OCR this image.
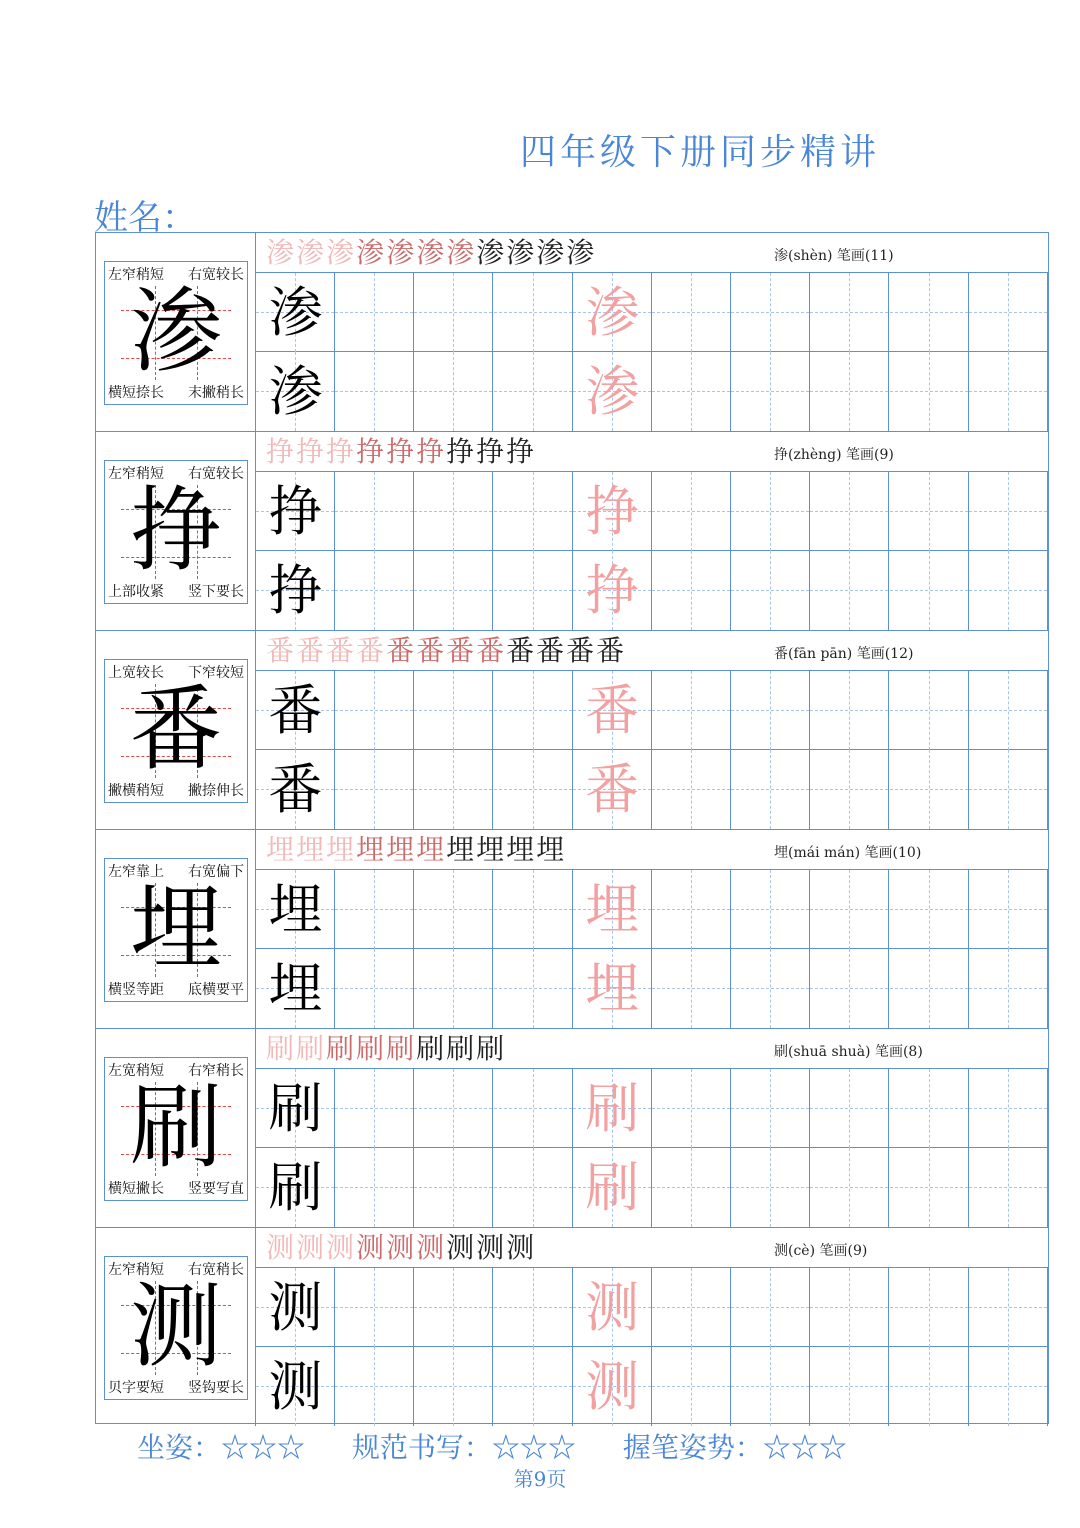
四年级下册同步精讲
姓名：
渗
左窄稍短 右宽较长
横短捺长 末撇稍长
渗渗渗渗渗渗渗渗渗渗渗	渗(shèn) 笔画(11)
渗	渗
渗	渗
挣
左窄稍短 右宽较长
上部收紧 竖下要长
挣挣挣挣挣挣挣挣挣	挣(zhèng) 笔画(9)
挣	挣
挣	挣
番
上宽较长 下窄较短
撇横稍短 撇捺伸长
番番番番番番番番番番番番	番(fān pān) 笔画(12)
番	番
番	番
埋
左窄靠上 右宽偏下
横竖等距 底横要平
埋埋埋埋埋埋埋埋埋埋	埋(mái mán) 笔画(10)
埋	埋
埋	埋
刷
左宽稍短 右窄稍长
横短撇长 竖要写直
刷刷刷刷刷刷刷刷	刷(shuā shuà) 笔画(8)
刷	刷
刷	刷
测
左窄稍短 右宽稍长
贝字要短 竖钩要长
测测测测测测测测测	测(cè) 笔画(9)
测	测
测	测
坐姿：☆☆☆ 规范书写：☆☆☆ 握笔姿势：☆☆☆
第9页
